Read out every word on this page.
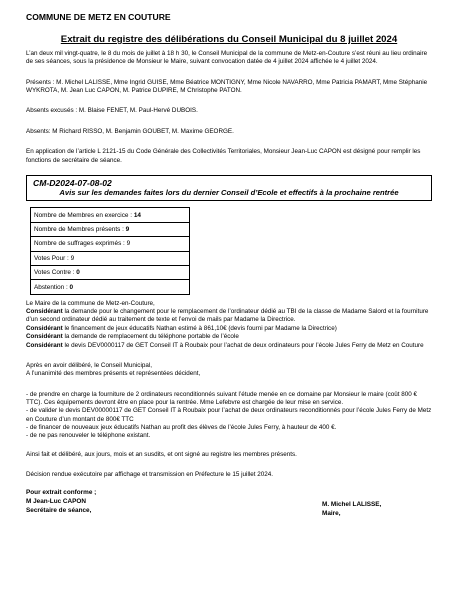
COMMUNE DE METZ EN COUTURE
Extrait du registre des délibérations du Conseil Municipal du 8 juillet 2024

L’an deux mil vingt-quatre, le 8 du mois de juillet à 18 h 30, le Conseil Municipal de la commune de Metz-en-Couture s’est réuni au lieu ordinaire de ses séances, sous la présidence de Monsieur le Maire, suivant convocation datée de 4 juillet 2024 affichée le 4 juillet 2024.

Présents : M. Michel LALISSE, Mme Ingrid GUISE, Mme Béatrice MONTIGNY, Mme Nicole NAVARRO, Mme Patricia PAMART, Mme Stéphanie WYKROTA, M. Jean Luc CAPON, M. Patrice DUPIRE, M Christophe PATON.

Absents excusés : M. Blaise FENET, M. Paul-Hervé DUBOIS.

Absents: M Richard RISSO, M. Benjamin GOUBET, M. Maxime GEORGE.

En application de l’article L 2121-15 du Code Générale des Collectivités Territoriales, Monsieur Jean-Luc CAPON est désigné pour remplir les fonctions de secrétaire de séance.

CM-D2024-07-08-02
Avis sur les demandes faites lors du dernier Conseil d’Ecole et effectifs à la prochaine rentrée
Nombre de Membres en exercice : 14
Nombre de Membres présents : 9
Nombre de suffrages exprimés : 9
Votes Pour : 9
Votes Contre : 0
Abstention : 0

Le Maire de la commune de Metz-en-Couture,

Considérant la demande pour le changement pour le remplacement de l’ordinateur dédié au TBI de la classe de Madame Salord et la fourniture d’un second ordinateur dédié au traitement de texte et l’envoi de mails par Madame la Directrice.

Considérant le financement de jeux éducatifs Nathan estimé à 861,10€ (devis fourni par Madame la Directrice)

Considérant la demande de remplacement du téléphone portable de l’école

Considérant le devis DEV0000117 de GET Conseil IT à Roubaix pour l’achat de deux ordinateurs pour l’école Jules Ferry de Metz en Couture

Après en avoir délibéré, le Conseil Municipal,

A l’unanimité des membres présents et représentées décident,

- de prendre en charge la fourniture de 2 ordinateurs reconditionnés suivant l’étude menée en ce domaine par Monsieur le maire (coût 800 € TTC). Ces équipements devront être en place pour la rentrée. Mme Lefebvre est chargée de leur mise en service.

- de valider le devis DEV00000117 de GET Conseil IT à Roubaix pour l’achat de deux ordinateurs reconditionnés pour l’école Jules Ferry de Metz en Couture d’un montant de 800€ TTC

- de financer de nouveaux jeux éducatifs Nathan au profit des élèves de l’école Jules Ferry, à hauteur de 400 €.

- de ne pas renouveler le téléphone existant.

Ainsi fait et délibéré, aux jours, mois et an susdits, et ont signé au registre les membres présents.

Décision rendue exécutoire par affichage et transmission en Préfecture le 15 juillet 2024.

Pour extrait conforme ;
M Jean-Luc CAPON
Secrétaire de séance,
M. Michel LALISSE,
Maire,
